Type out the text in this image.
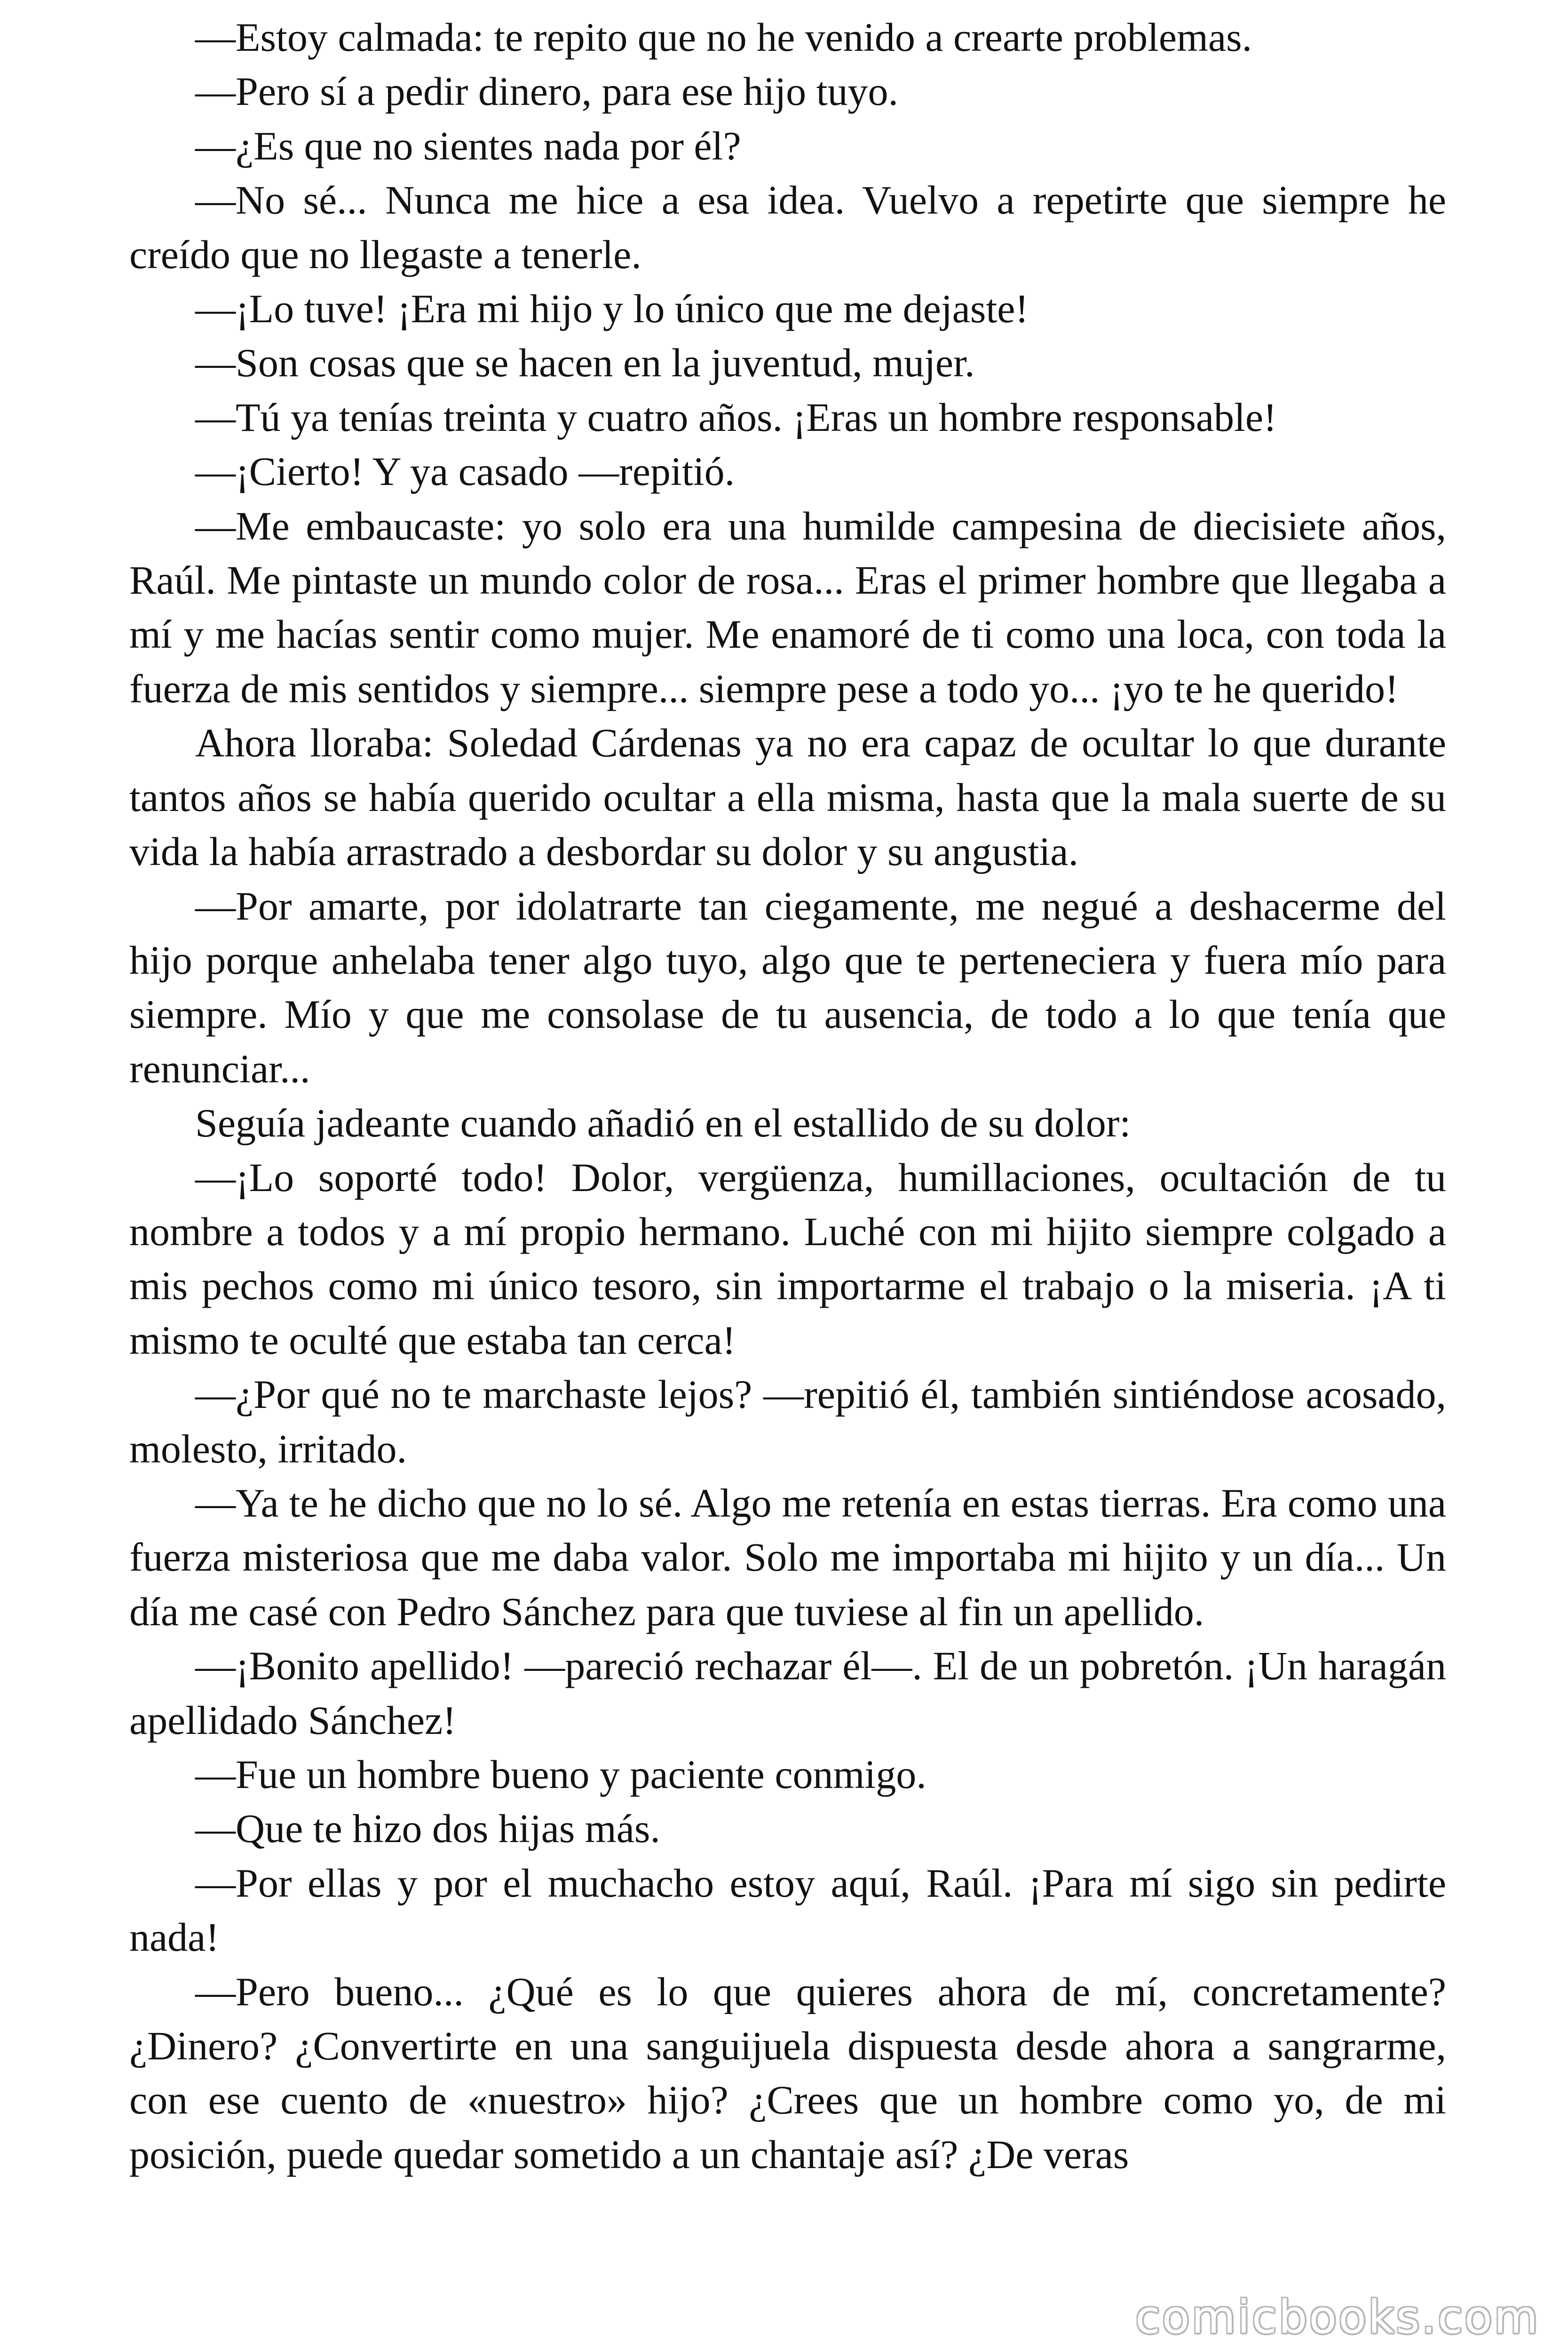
—Estoy calmada: te repito que no he venido a crearte problemas.

—Pero sí a pedir dinero, para ese hijo tuyo.

—¿Es que no sientes nada por él?

—No sé... Nunca me hice a esa idea. Vuelvo a repetirte que siempre he creído que no llegaste a tenerle.

—¡Lo tuve! ¡Era mi hijo y lo único que me dejaste!

—Son cosas que se hacen en la juventud, mujer.

—Tú ya tenías treinta y cuatro años. ¡Eras un hombre responsable!

—¡Cierto! Y ya casado —repitió.

—Me embaucaste: yo solo era una humilde campesina de diecisiete años, Raúl. Me pintaste un mundo color de rosa... Eras el primer hombre que llegaba a mí y me hacías sentir como mujer. Me enamoré de ti como una loca, con toda la fuerza de mis sentidos y siempre... siempre pese a todo yo... ¡yo te he querido!

Ahora lloraba: Soledad Cárdenas ya no era capaz de ocultar lo que durante tantos años se había querido ocultar a ella misma, hasta que la mala suerte de su vida la había arrastrado a desbordar su dolor y su angustia.

—Por amarte, por idolatrarte tan ciegamente, me negué a deshacerme del hijo porque anhelaba tener algo tuyo, algo que te perteneciera y fuera mío para siempre. Mío y que me consolase de tu ausencia, de todo a lo que tenía que renunciar...

Seguía jadeante cuando añadió en el estallido de su dolor:

—¡Lo soporté todo! Dolor, vergüenza, humillaciones, ocultación de tu nombre a todos y a mí propio hermano. Luché con mi hijito siempre colgado a mis pechos como mi único tesoro, sin importarme el trabajo o la miseria. ¡A ti mismo te oculté que estaba tan cerca!

—¿Por qué no te marchaste lejos? —repitió él, también sintiéndose acosado, molesto, irritado.

—Ya te he dicho que no lo sé. Algo me retenía en estas tierras. Era como una fuerza misteriosa que me daba valor. Solo me importaba mi hijito y un día... Un día me casé con Pedro Sánchez para que tuviese al fin un apellido.

—¡Bonito apellido! —pareció rechazar él—. El de un pobretón. ¡Un haragán apellidado Sánchez!

—Fue un hombre bueno y paciente conmigo.

—Que te hizo dos hijas más.

—Por ellas y por el muchacho estoy aquí, Raúl. ¡Para mí sigo sin pedirte nada!

—Pero bueno... ¿Qué es lo que quieres ahora de mí, concretamente? ¿Dinero? ¿Convertirte en una sanguijuela dispuesta desde ahora a sangrarme, con ese cuento de «nuestro» hijo? ¿Crees que un hombre como yo, de mi posición, puede quedar sometido a un chantaje así? ¿De veras

comicbooks.com
